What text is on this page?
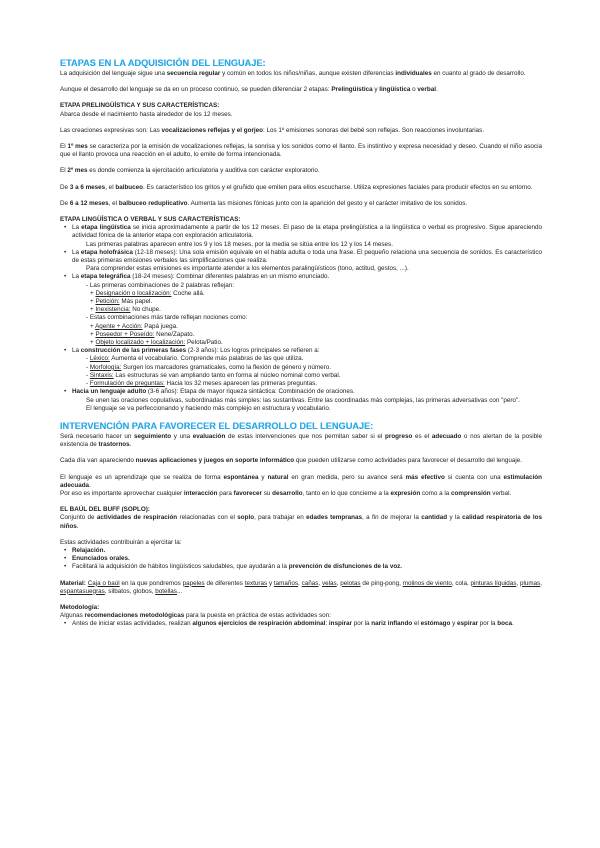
ETAPAS EN LA ADQUISICIÓN DEL LENGUAJE:

La adquisición del lenguaje sigue una secuencia regular y común en todos los niños/niñas, aunque existen diferencias individuales en cuanto al grado de desarrollo.

Aunque el desarrollo del lenguaje se da en un proceso continuo, se pueden diferenciar 2 etapas: Prelingüística y lingüística o verbal.

ETAPA PRELINGÜÍSTICA Y SUS CARACTERÍSTICAS:

Abarca desde el nacimiento hasta alrededor de los 12 meses.

Las creaciones expresivas son: Las vocalizaciones reflejas y el gorjeo: Los 1º emisiones sonoras del bebé son reflejas. Son reacciones involuntarias.

El 1º mes se caracteriza por la emisión de vocalizaciones reflejas, la sonrisa y los sonidos como el llanto. Es instintivo y expresa necesidad y deseo. Cuando el niño asocia que el llanto provoca una reacción en el adulto, lo emite de forma intencionada.

El 2º mes es donde comienza la ejercitación articulatoria y auditiva con carácter exploratorio.

De 3 a 6 meses, el balbuceo. Es característico los gritos y el gruñido que emiten para ellos escucharse. Utiliza expresiones faciales para producir efectos en su entorno.

De 6 a 12 meses, el balbuceo reduplicativo. Aumenta las misiones fónicas junto con la aparición del gesto y el carácter imitativo de los sonidos.

ETAPA LINGÜÍSTICA O VERBAL Y SUS CARACTERÍSTICAS:

• La etapa lingüística se inicia aproximadamente a partir de los 12 meses. El paso de la etapa prelingüística a la lingüística o verbal es progresivo. Sigue apareciendo actividad fónica de la anterior etapa con exploración articulatoria.

Las primeras palabras aparecen entre los 9 y los 18 meses, por la media se sitúa entre los 12 y los 14 meses.

• La etapa holofrásica (12-18 meses): Una sola emisión equivale en el habla adulta o toda una frase. El pequeño relaciona una secuencia de sonidos. Es característico de estas primeras emisiones verbales las simplificaciones que realiza.

Para comprender estas emisiones es importante atender a los elementos paralingüísticos (tono, actitud, gestos, ...).

• La etapa telegráfica (18-24 meses): Combinar diferentes palabras en un mismo enunciado.

- Las primeras combinaciones de 2 palabras reflejan:

+ Designación o localización: Coche allá.

+ Petición: Más papel.

+ Inexistencia: No chupe.

- Estas combinaciones más tarde reflejan nociones como:

+ Agente + Acción: Papá juega.

+ Poseedor + Poseído: Nene/Zapato.

+ Objeto localizado + localización: Pelota/Patio.

• La construcción de las primeras fases (2-3 años): Los logros principales se refieren a:

- Léxico: Aumenta el vocabulario. Comprende más palabras de las que utiliza.

- Morfología: Surgen los marcadores gramaticales, como la flexión de género y número.

- Sintaxis: Las estructuras se van ampliando tanto en forma al núcleo nominal como verbal.

- Formulación de preguntas: Hacia los 32 meses aparecen las primeras preguntas.

• Hacia un lenguaje adulto (3-6 años): Etapa de mayor riqueza sintáctica: Combinación de oraciones.

Se unen las oraciones copulativas, subordinadas más simples: las sustantivas. Entre las coordinadas más complejas, las primeras adversativas con "pero".

El lenguaje se va perfeccionando y haciendo más complejo en estructura y vocabulario.

INTERVENCIÓN PARA FAVORECER EL DESARROLLO DEL LENGUAJE:

Será necesario hacer un seguimiento y una evaluación de estas intervenciones que nos permitan saber si el progreso es el adecuado o nos alertan de la posible existencia de trastornos.

Cada día van apareciendo nuevas aplicaciones y juegos en soporte informático que pueden utilizarse como actividades para favorecer el desarrollo del lenguaje.

El lenguaje es un aprendizaje que se realiza de forma espontánea y natural en gran medida, pero su avance será más efectivo si cuenta con una estimulación adecuada.

Por eso es importante aprovechar cualquier interacción para favorecer su desarrollo, tanto en lo que concierne a la expresión como a la comprensión verbal.

EL BAÚL DEL BUFF (SOPLO):

Conjunto de actividades de respiración relacionadas con el soplo, para trabajar en edades tempranas, a fin de mejorar la cantidad y la calidad respiratoria de los niños.

Estas actividades contribuirán a ejercitar la:

• Relajación.
• Enunciados orales.
• Facilitará la adquisición de hábitos lingüísticos saludables, que ayudarán a la prevención de disfunciones de la voz.

Material: Caja o baúl en la que pondremos papeles de diferentes texturas y tamaños, cañas, velas, pelotas de ping-pong, molinos de viento, cola, pinturas líquidas, plumas, espantasuegras, silbatos, globos, botellas...

Metodología:

Algunas recomendaciones metodológicas para la puesta en práctica de estas actividades son:

• Antes de iniciar estas actividades, realizan algunos ejercicios de respiración abdominal: inspirar por la nariz inflando el estómago y espirar por la boca.
